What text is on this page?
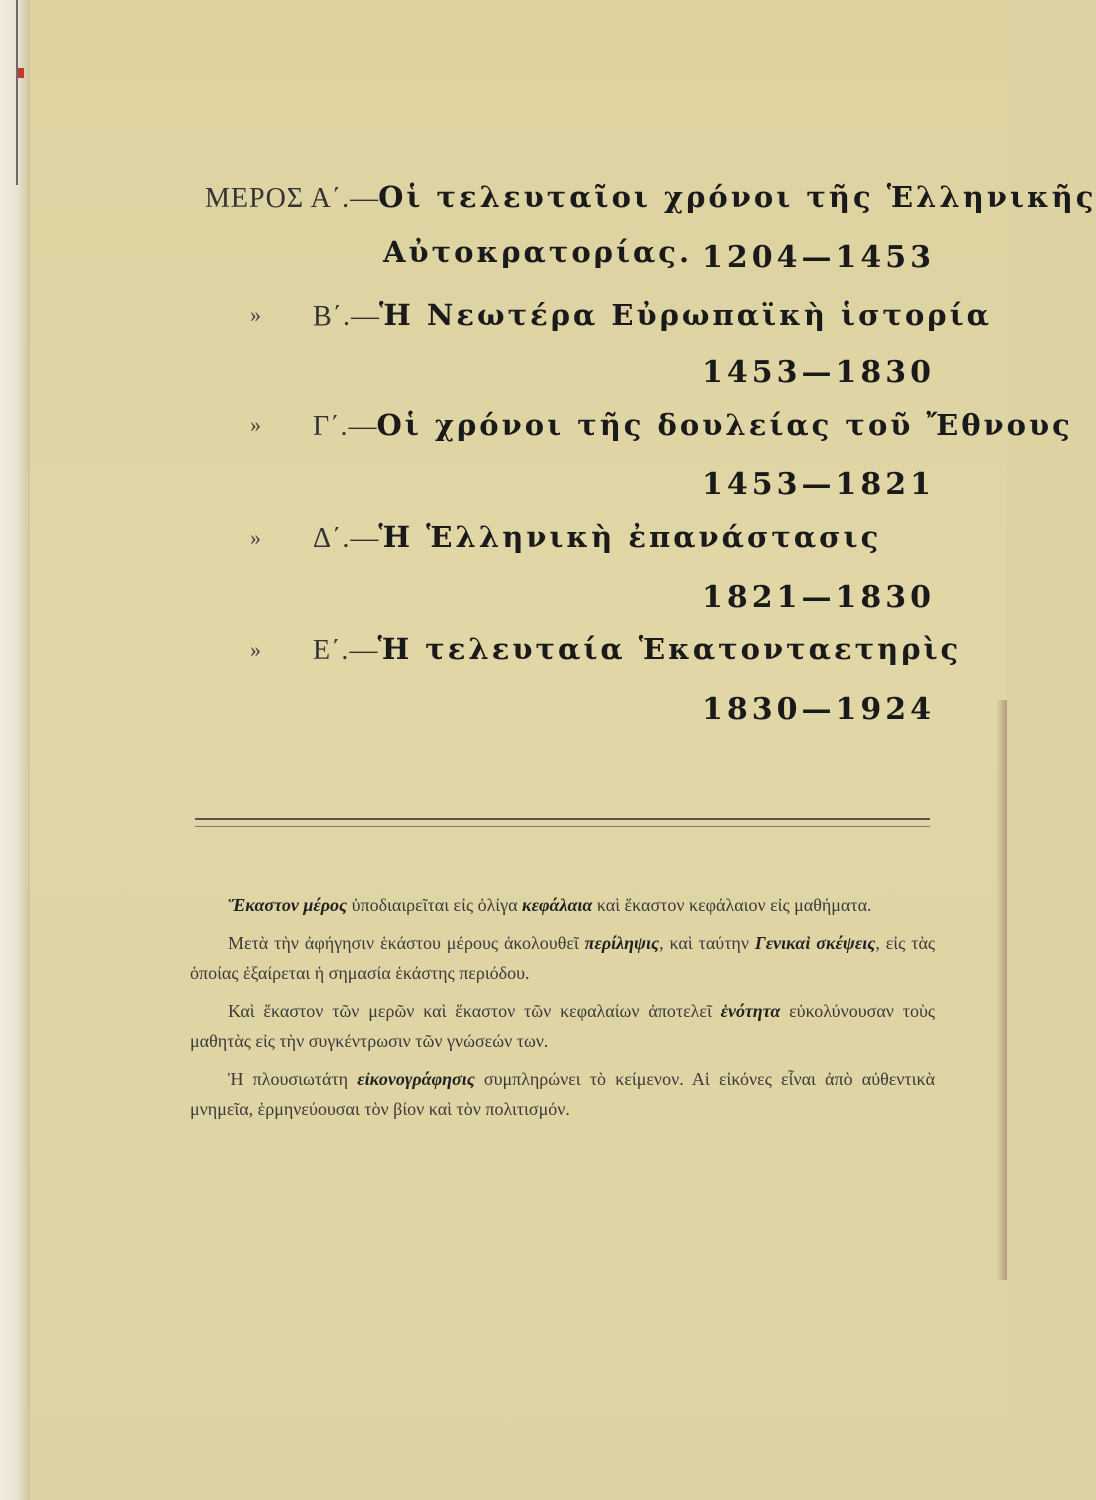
ΜΕΡΟΣ Α΄.—Οἱ τελευταῖοι χρόνοι τῆς Ἑλληνικῆς
Αὐτοκρατορίας. 1204—1453
» Β΄.—Ἡ Νεωτέρα Εὐρωπαϊκὴ ἱστορία
1453—1830
» Γ΄.—Οἱ χρόνοι τῆς δουλείας τοῦ Ἔθνους
1453—1821
» Δ΄.—Ἡ Ἑλληνικὴ ἐπανάστασις
1821—1830
» Ε΄.—Ἡ τελευταία Ἑκατονταετηρὶς
1830—1924

Ἕκαστον μέρος ὑποδιαιρεῖται εἰς ὀλίγα κεφάλαια καὶ ἕκαστον κεφάλαιον εἰς μαθήματα.

Μετὰ τὴν ἀφήγησιν ἑκάστου μέρους ἀκολουθεῖ περίληψις, καὶ ταύτην Γενικαὶ σκέψεις, εἰς τὰς ὁποίας ἐξαίρεται ἡ σημασία ἑκάστης περιόδου.

Καὶ ἕκαστον τῶν μερῶν καὶ ἕκαστον τῶν κεφαλαίων ἀποτελεῖ ἑνότητα εὐκολύνουσαν τοὺς μαθητὰς εἰς τὴν συγκέντρωσιν τῶν γνώσεών των.

Ἡ πλουσιωτάτη εἰκονογράφησις συμπληρώνει τὸ κείμενον. Αἱ εἰκόνες εἶναι ἀπὸ αὐθεντικὰ μνημεῖα, ἑρμηνεύουσαι τὸν βίον καὶ τὸν πολιτισμόν.
